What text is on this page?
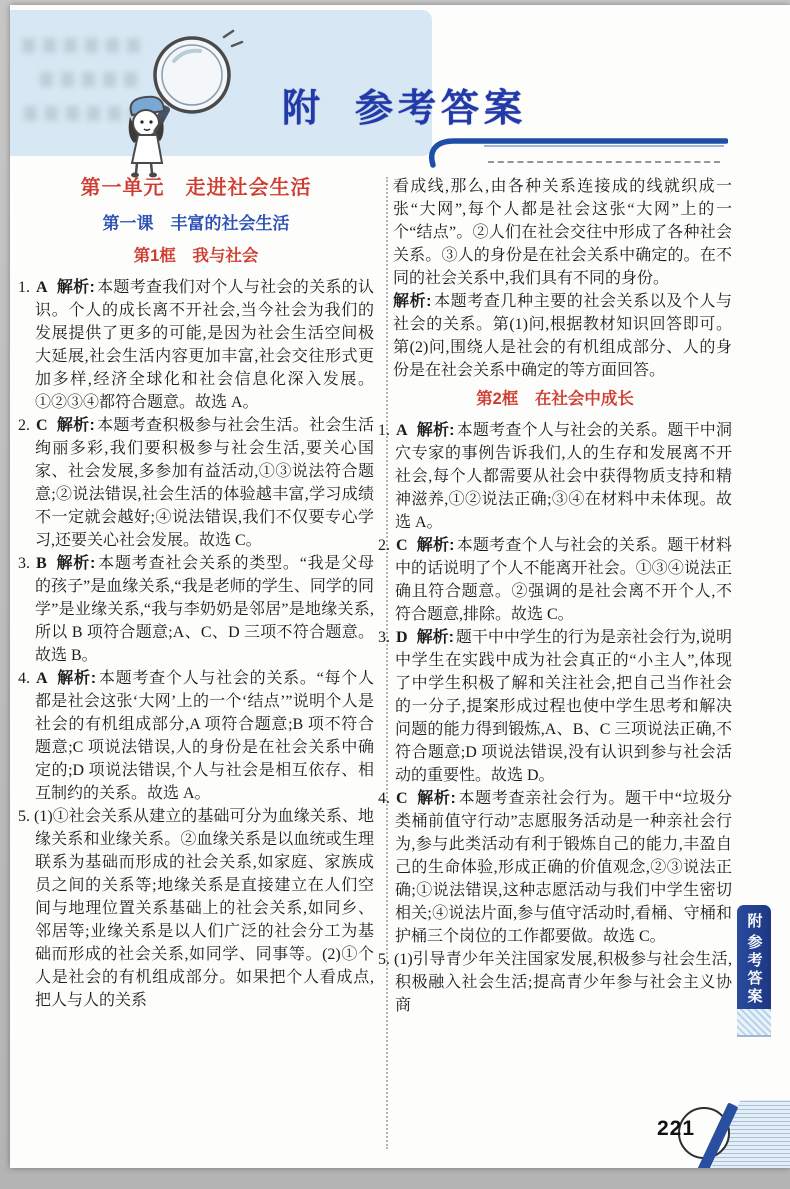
附 参考答案
第一单元　走进社会生活
第一课　丰富的社会生活
第1框　我与社会

1. A 解析: 本题考查我们对个人与社会的关系的认识。个人的成长离不开社会,当今社会为我们的发展提供了更多的可能,是因为社会生活空间极大延展,社会生活内容更加丰富,社会交往形式更加多样,经济全球化和社会信息化深入发展。①②③④都符合题意。故选 A。

2. C 解析: 本题考查积极参与社会生活。社会生活绚丽多彩,我们要积极参与社会生活,要关心国家、社会发展,多参加有益活动,①③说法符合题意;②说法错误,社会生活的体验越丰富,学习成绩不一定就会越好;④说法错误,我们不仅要专心学习,还要关心社会发展。故选 C。

3. B 解析: 本题考查社会关系的类型。“我是父母的孩子”是血缘关系,“我是老师的学生、同学的同学”是业缘关系,“我与李奶奶是邻居”是地缘关系,所以 B 项符合题意;A、C、D 三项不符合题意。故选 B。

4. A 解析: 本题考查个人与社会的关系。“每个人都是社会这张‘大网’上的一个‘结点’”说明个人是社会的有机组成部分,A 项符合题意;B 项不符合题意;C 项说法错误,人的身份是在社会关系中确定的;D 项说法错误,个人与社会是相互依存、相互制约的关系。故选 A。

5. (1)①社会关系从建立的基础可分为血缘关系、地缘关系和业缘关系。②血缘关系是以血统或生理联系为基础而形成的社会关系,如家庭、家族成员之间的关系等;地缘关系是直接建立在人们空间与地理位置关系基础上的社会关系,如同乡、邻居等;业缘关系是以人们广泛的社会分工为基础而形成的社会关系,如同学、同事等。(2)①个人是社会的有机组成部分。如果把个人看成点,把人与人的关系

看成线,那么,由各种关系连接成的线就织成一张“大网”,每个人都是社会这张“大网”上的一个“结点”。②人们在社会交往中形成了各种社会关系。③人的身份是在社会关系中确定的。在不同的社会关系中,我们具有不同的身份。

解析: 本题考查几种主要的社会关系以及个人与社会的关系。第(1)问,根据教材知识回答即可。第(2)问,围绕人是社会的有机组成部分、人的身份是在社会关系中确定的等方面回答。

第2框　在社会中成长

1. A 解析: 本题考查个人与社会的关系。题干中洞穴专家的事例告诉我们,人的生存和发展离不开社会,每个人都需要从社会中获得物质支持和精神滋养,①②说法正确;③④在材料中未体现。故选 A。

2. C 解析: 本题考查个人与社会的关系。题干材料中的话说明了个人不能离开社会。①③④说法正确且符合题意。②强调的是社会离不开个人,不符合题意,排除。故选 C。

3. D 解析: 题干中中学生的行为是亲社会行为,说明中学生在实践中成为社会真正的“小主人”,体现了中学生积极了解和关注社会,把自己当作社会的一分子,提案形成过程也使中学生思考和解决问题的能力得到锻炼,A、B、C 三项说法正确,不符合题意;D 项说法错误,没有认识到参与社会活动的重要性。故选 D。

4. C 解析: 本题考查亲社会行为。题干中“垃圾分类桶前值守行动”志愿服务活动是一种亲社会行为,参与此类活动有利于锻炼自己的能力,丰盈自己的生命体验,形成正确的价值观念,②③说法正确;①说法错误,这种志愿活动与我们中学生密切相关;④说法片面,参与值守活动时,看桶、守桶和护桶三个岗位的工作都要做。故选 C。

5. (1)引导青少年关注国家发展,积极参与社会生活,积极融入社会生活;提高青少年参与社会主义协商

附
参考答案
221
